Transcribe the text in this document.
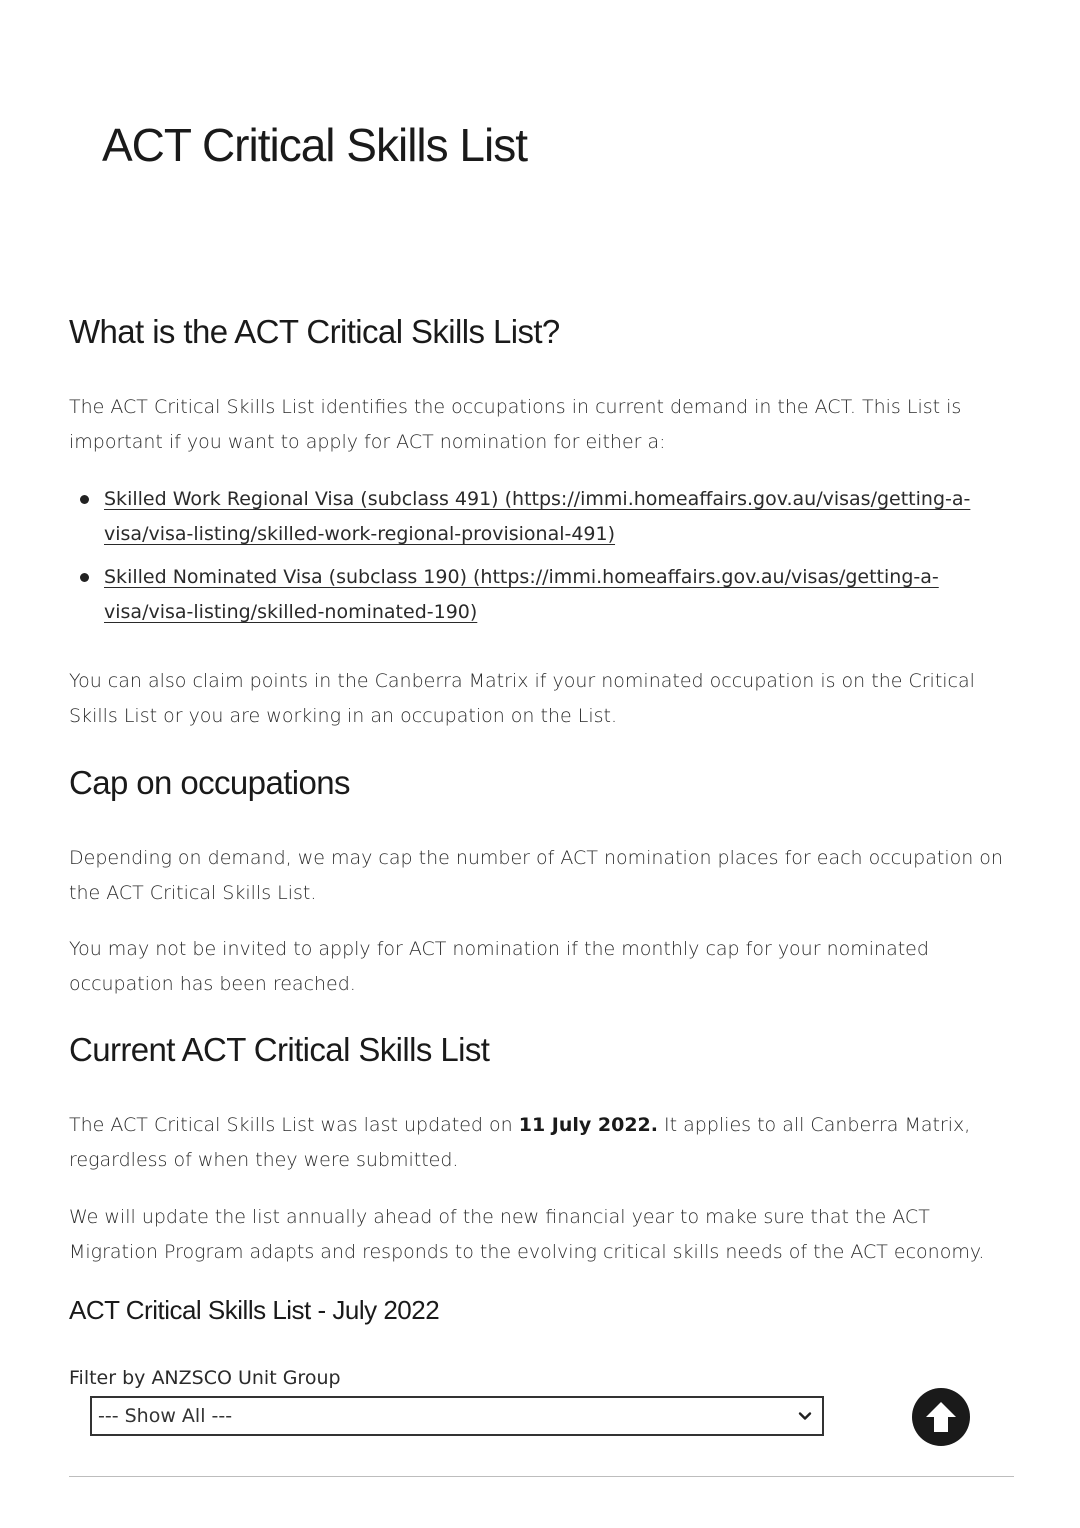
ACT Critical Skills List
What is the ACT Critical Skills List?

The ACT Critical Skills List identifies the occupations in current demand in the ACT. This List is important if you want to apply for ACT nomination for either a:

Skilled Work Regional Visa (subclass 491) (https://immi.homeaffairs.gov.au/visas/getting-a-visa/visa-listing/skilled-work-regional-provisional-491)
Skilled Nominated Visa (subclass 190) (https://immi.homeaffairs.gov.au/visas/getting-a-visa/visa-listing/skilled-nominated-190)

You can also claim points in the Canberra Matrix if your nominated occupation is on the Critical Skills List or you are working in an occupation on the List.

Cap on occupations

Depending on demand, we may cap the number of ACT nomination places for each occupation on the ACT Critical Skills List.

You may not be invited to apply for ACT nomination if the monthly cap for your nominated occupation has been reached.

Current ACT Critical Skills List

The ACT Critical Skills List was last updated on 11 July 2022. It applies to all Canberra Matrix, regardless of when they were submitted.

We will update the list annually ahead of the new financial year to make sure that the ACT Migration Program adapts and responds to the evolving critical skills needs of the ACT economy.

ACT Critical Skills List - July 2022
Filter by ANZSCO Unit Group
--- Show All ---
